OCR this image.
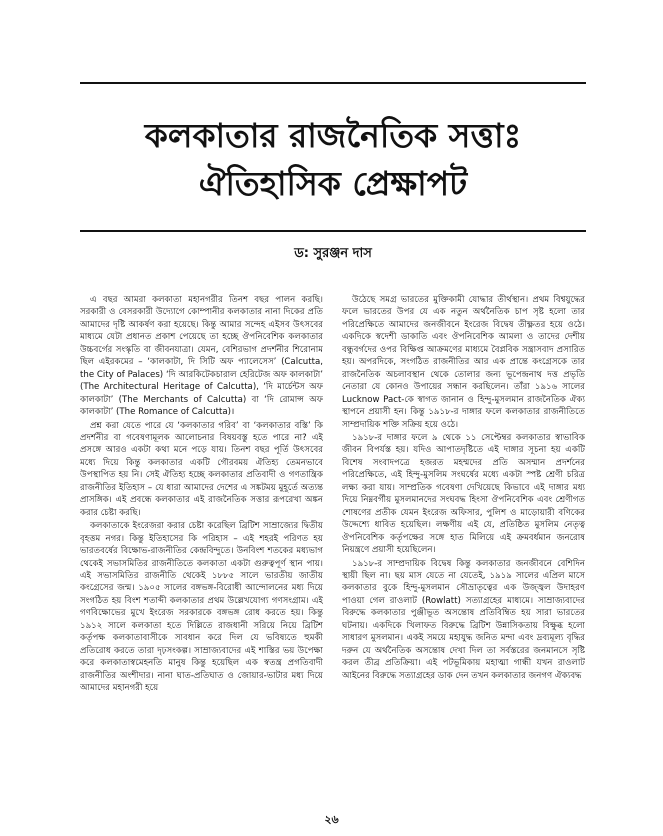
কলকাতার রাজনৈতিক সত্তাঃ
ঐতিহাসিক প্রেক্ষাপট
ড: সুরঞ্জন দাস

এ বছর আমরা কলকাতা মহানগরীর তিনশ বছর পালন করছি। সরকারী ও বেসরকারী উদ্যোগে কোম্পানীর কলকাতার নানা দিকের প্রতি আমাদের দৃষ্টি আকর্ষণ করা হয়েছে। কিন্তু আমার সন্দেহ এইসব উৎসবের মাধ্যমে যেটা প্রধানত প্রকাশ পেয়েছে তা হচ্ছে ঔপনিবেশিক কলকাতার উচ্চবর্গের সংস্কৃতি বা জীবনযাত্রা। যেমন, বেশিরভাগ প্রদর্শনীর শিরোনাম ছিল এইরকমের – ‘কালকাটা, দি সিটি অফ প্যালেসেস’ (Calcutta, the City of Palaces) ‘দি আরকিটেকচারাল হেরিটেজ অফ কালকাটা’ (The Architectural Heritage of Calcutta), ‘দি মার্চেন্টস অফ কালকাটা’ (The Merchants of Calcutta) বা ‘দি রোমান্স অফ কালকাটা’ (The Romance of Calcutta)।

প্রশ্ন করা যেতে পারে যে ‘কলকাতার গরিব’ বা ‘কলকাতার বস্তি’ কি প্রদর্শনীর বা গবেষণামূলক আলোচনার বিষয়বস্তু হতে পারে না? এই প্রসঙ্গে আরও একটা কথা মনে পড়ে যায়। তিনশ বছর পূর্তি উৎসবের মধ্যে দিয়ে কিন্তু কলকাতার একটি গৌরবময় ঐতিহ্য তেমনভাবে উপস্থাপিত হয় নি। সেই ঐতিহ্য হচ্ছে কলকাতার প্রতিবাদী ও গণতান্ত্রিক রাজনীতির ইতিহাস – যে ধারা আমাদের দেশের এ সঙ্কটময় মুহূর্তে অত্যন্ত প্রাসঙ্গিক। এই প্রবন্ধে কলকাতার এই রাজনৈতিক সত্তার রূপরেখা অঙ্কন করার চেষ্টা করছি।

কলকাতাকে ইংরেজরা করার চেষ্টা করেছিল ব্রিটিশ সাম্রাজ্যের দ্বিতীয় বৃহত্তম নগর। কিন্তু ইতিহাসের কি পরিহাস – এই শহরই পরিণত হয় ভারতবর্ষের বিক্ষোভ-রাজনীতির কেন্দ্রবিন্দুতে। উনবিংশ শতকের মধ্যভাগ থেকেই সভাসমিতির রাজনীতিতে কলকাতা একটা গুরুত্বপূর্ণ স্থান পায়। এই সভাসমিতির রাজনীতি থেকেই ১৮৮৫ সালে ভারতীয় জাতীয় কংগ্রেসের জন্ম। ১৯০৫ সালের বঙ্গভঙ্গ-বিরোধী আন্দোলনের মধ্য দিয়ে সংগঠিত হয় বিংশ শতাব্দী কলকাতার প্রথম উল্লেখযোগ্য গণসংগ্রাম। এই গণবিক্ষোভের মুখে ইংরেজ সরকারকে বঙ্গভঙ্গ রোধ করতে হয়। কিন্তু ১৯১২ সালে কলকাতা হতে দিল্লিতে রাজধানী সরিয়ে নিয়ে ব্রিটিশ কর্তৃপক্ষ কলকাতাবাসীকে সাবধান করে দিল যে ভবিষ্যতে হুমকী প্রতিরোধ করতে তারা দৃঢ়সংকল্প। সাম্রাজ্যবাদের এই শাস্তির ভয় উপেক্ষা করে কলকাতাস্বমেহনতি মানুষ কিন্তু হয়েছিল এক স্বতন্ত্র প্রগতিবাদী রাজনীতির অংশীদার। নানা ঘাত-প্রতিঘাত ও জোয়ার-ভাটার মধ্য দিয়ে আমাদের মহানগরী হয়ে

উঠেছে সমগ্র ভারতের মুক্তিকামী যোদ্ধার তীর্থস্থান। প্রথম বিশ্বযুদ্ধের ফলে ভারতের উপর যে এক নতুন অর্থনৈতিক চাপ সৃষ্ট হলো তার পরিপ্রেক্ষিতে আমাদের জনজীবনে ইংরেজ বিদ্বেষ তীক্ষ্ণতর হয়ে ওঠে। একদিকে স্বদেশী ডাকাতি এবং ঔপনিবেশিক আমলা ও তাদের দেশীয় বন্ধুবর্গদের ওপর বিক্ষিপ্ত আক্রমণের মাধ্যমে বৈপ্লবিক সন্ত্রাসবাদ প্রসারিত হয়। অপরদিকে, সংগঠিত রাজনীতির আর এক প্রান্তে কংগ্রেসকে তার রাজনৈতিক অচলাবস্থান থেকে তোলার জন্য ভূপেন্দ্রনাথ দত্ত প্রভৃতি নেতারা যে কোনও উপায়ের সন্ধান করছিলেন। তাঁরা ১৯১৬ সালের Lucknow Pact-কে স্বাগত জানান ও হিন্দু-মুসলমান রাজনৈতিক ঐক্য স্থাপনে প্রয়াসী হন। কিন্তু ১৯১৮-র দাঙ্গার ফলে কলকাতার রাজনীতিতে সাম্প্রদায়িক শক্তি সক্রিয় হয়ে ওঠে।

১৯১৮-র দাঙ্গার ফলে ৯ থেকে ১১ সেপ্টেম্বর কলকাতার স্বাভাবিক জীবন বিপর্যস্ত হয়। যদিও আপাতদৃষ্টিতে এই দাঙ্গার সূচনা হয় একটি বিশেষ সংবাদপত্রে হজরত মহম্মদের প্রতি অসম্মান প্রদর্শনের পরিপ্রেক্ষিতে, এই হিন্দু-মুসলিম সংঘর্ষের মধ্যে একটা স্পষ্ট শ্রেণী চরিত্র লক্ষ্য করা যায়। সাম্প্রতিক গবেষণা দেখিয়েছে কিভাবে এই দাঙ্গার মধ্য দিয়ে নিম্নবর্গীয় মুসলমানদের সংঘবদ্ধ হিংসা ঔপনিবেশিক এবং শ্রেণীগত শোষণের প্রতীক যেমন ইংরেজ অফিসার, পুলিশ ও মাড়োয়ারী বণিকের উদ্দেশ্যে ধাবিত হয়েছিল। লক্ষণীয় এই যে, প্রতিষ্ঠিত মুসলিম নেতৃত্ব ঔপনিবেশিক কর্তৃপক্ষের সঙ্গে হাত মিলিয়ে এই ক্রমবর্ধমান জনরোষ নিয়ন্ত্রণে প্রয়াসী হয়েছিলেন।

১৯১৮-র সাম্প্রদায়িক বিদ্বেষ কিন্তু কলকাতার জনজীবনে বেশিদিন স্থায়ী ছিল না। ছয় মাস যেতে না যেতেই, ১৯১৯ সালের এপ্রিল মাসে কলকাতার বুকে হিন্দু-মুসলমান সৌভ্রাতৃত্বের এক উজ্জ্বল উদাহরণ পাওয়া গেল রাওলাট (Rowlatt) সত্যাগ্রহের মাধ্যমে। সাম্রাজ্যবাদের বিরুদ্ধে কলকাতার পুঞ্জীভূত অসন্তোষ প্রতিবিম্বিত হয় সারা ভারতের ঘটনায়। একদিকে খিলাফত বিরুদ্ধে ব্রিটিশ উন্নাসিকতায় বিক্ষুব্ধ হলো সাধারণ মুসলমান। একই সময়ে মহাযুদ্ধ জনিত মন্দা এবং দ্রব্যমূল্য বৃদ্ধির দরুন যে অর্থনৈতিক অসন্তোষ দেখা দিল তা সর্বস্তরের জনমানসে সৃষ্টি করল তীব্র প্রতিক্রিয়া। এই পটভূমিকায় মহাত্মা গান্ধী যখন রাওলাট আইনের বিরুদ্ধে সত্যাগ্রহের ডাক দেন তখন কলকাতার জনগণ ঐক্যবদ্ধ

২৬
